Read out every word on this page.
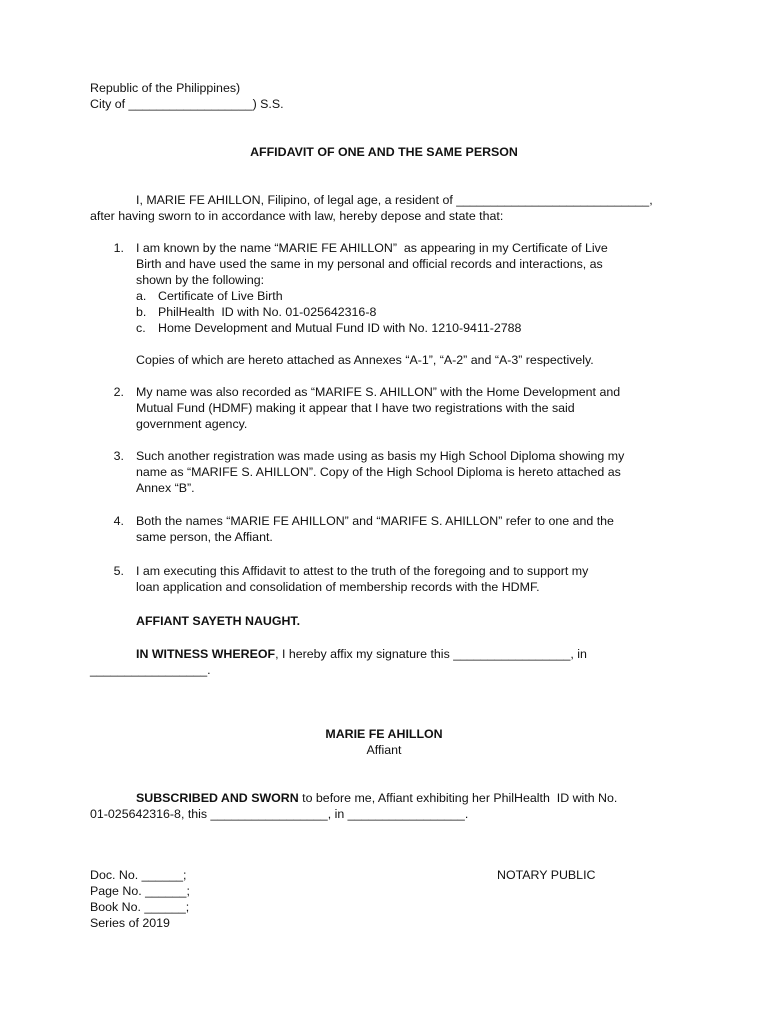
Republic of the Philippines)
City of __________________) S.S.
AFFIDAVIT OF ONE AND THE SAME PERSON
I, MARIE FE AHILLON, Filipino, of legal age, a resident of ____________________________,
after having sworn to in accordance with law, hereby depose and state that:
1. I am known by the name “MARIE FE AHILLON”  as appearing in my Certificate of Live
Birth and have used the same in my personal and official records and interactions, as
shown by the following:
a. Certificate of Live Birth
b. PhilHealth  ID with No. 01-025642316-8
c. Home Development and Mutual Fund ID with No. 1210-9411-2788
Copies of which are hereto attached as Annexes “A-1”, “A-2” and “A-3” respectively.
2. My name was also recorded as “MARIFE S. AHILLON” with the Home Development and
Mutual Fund (HDMF) making it appear that I have two registrations with the said
government agency.
3. Such another registration was made using as basis my High School Diploma showing my
name as “MARIFE S. AHILLON”. Copy of the High School Diploma is hereto attached as
Annex “B”.
4. Both the names “MARIE FE AHILLON” and “MARIFE S. AHILLON” refer to one and the
same person, the Affiant.
5. I am executing this Affidavit to attest to the truth of the foregoing and to support my
loan application and consolidation of membership records with the HDMF.
AFFIANT SAYETH NAUGHT.
IN WITNESS WHEREOF, I hereby affix my signature this _________________, in
_________________.
MARIE FE AHILLON
Affiant
SUBSCRIBED AND SWORN to before me, Affiant exhibiting her PhilHealth  ID with No.
01-025642316-8, this _________________, in _________________.
Doc. No. ______;
Page No. ______;
Book No. ______;
Series of 2019
NOTARY PUBLIC
